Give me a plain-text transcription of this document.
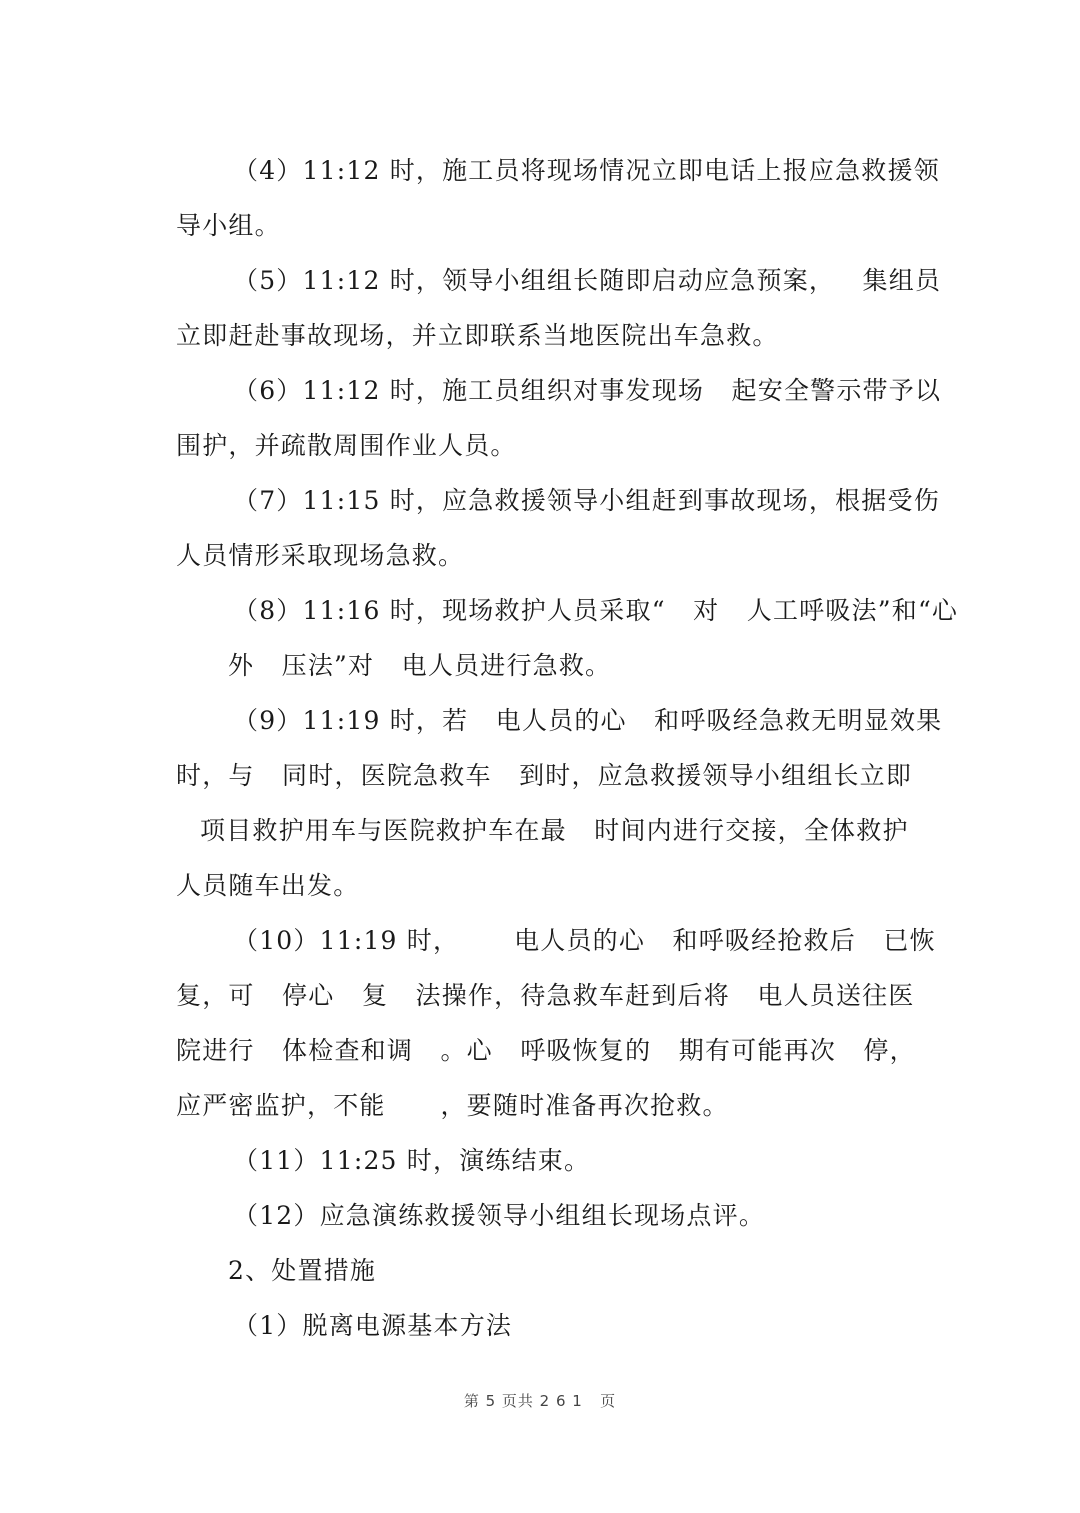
（4）11:12 时，施工员将现场情况立即电话上报应急救援领
导小组。
（5）11:12 时，领导小组组长随即启动应急预案，   集组员
立即赶赴事故现场，并立即联系当地医院出车急救。
（6）11:12 时，施工员组织对事发现场   起安全警示带予以
围护，并疏散周围作业人员。
（7）11:15 时，应急救援领导小组赶到事故现场，根据受伤
人员情形采取现场急救。
（8）11:16 时，现场救护人员采取“   对   人工呼吸法”和“心
外   压法”对   电人员进行急救。
（9）11:19 时，若   电人员的心   和呼吸经急救无明显效果
时，与   同时，医院急救车   到时，应急救援领导小组组长立即
项目救护用车与医院救护车在最   时间内进行交接，全体救护
人员随车出发。
（10）11:19 时，      电人员的心   和呼吸经抢救后   已恢
复，可   停心   复   法操作，待急救车赶到后将   电人员送往医
院进行   体检查和调   。心   呼吸恢复的   期有可能再次   停，
应严密监护，不能      ，要随时准备再次抢救。
（11）11:25 时，演练结束。
（12）应急演练救援领导小组组长现场点评。
2、处置措施
（1）脱离电源基本方法
第 5 页共 2 6 1   页
